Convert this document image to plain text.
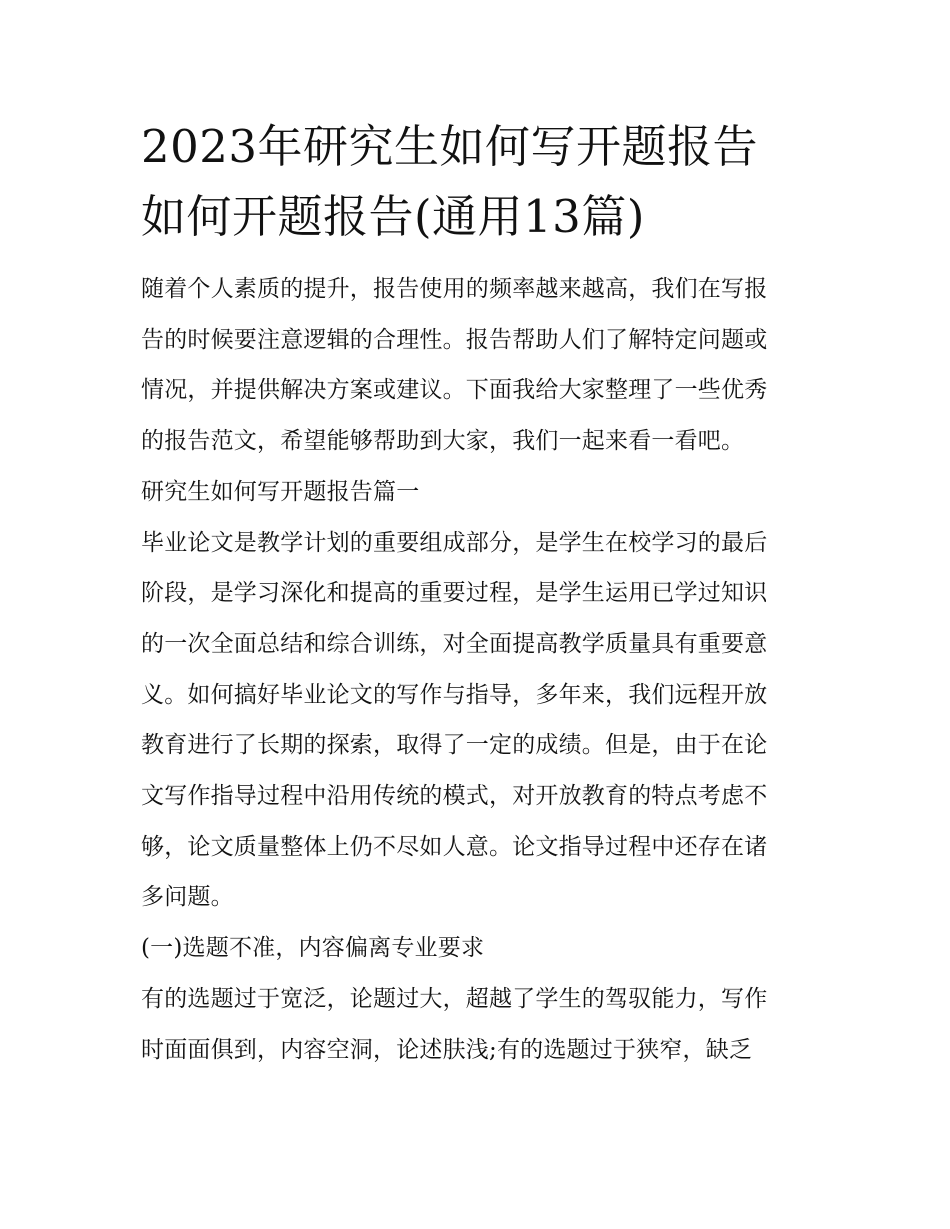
2023年研究生如何写开题报告
如何开题报告(通用13篇)
随着个人素质的提升，报告使用的频率越来越高，我们在写报
告的时候要注意逻辑的合理性。报告帮助人们了解特定问题或
情况，并提供解决方案或建议。下面我给大家整理了一些优秀
的报告范文，希望能够帮助到大家，我们一起来看一看吧。
研究生如何写开题报告篇一
毕业论文是教学计划的重要组成部分，是学生在校学习的最后
阶段，是学习深化和提高的重要过程，是学生运用已学过知识
的一次全面总结和综合训练，对全面提高教学质量具有重要意
义。如何搞好毕业论文的写作与指导，多年来，我们远程开放
教育进行了长期的探索，取得了一定的成绩。但是，由于在论
文写作指导过程中沿用传统的模式，对开放教育的特点考虑不
够，论文质量整体上仍不尽如人意。论文指导过程中还存在诸
多问题。
(一)选题不准，内容偏离专业要求
有的选题过于宽泛，论题过大，超越了学生的驾驭能力，写作
时面面俱到，内容空洞，论述肤浅;有的选题过于狭窄，缺乏
